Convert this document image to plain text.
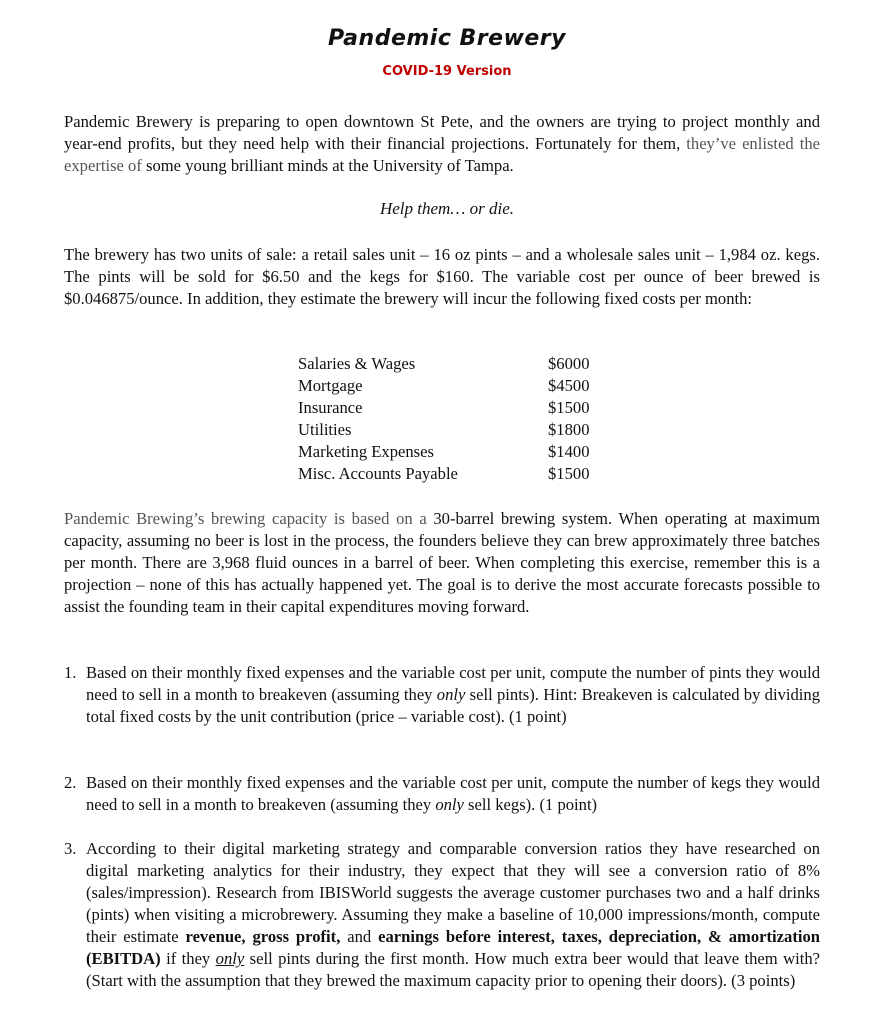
Pandemic Brewery
COVID-19 Version

Pandemic Brewery is preparing to open downtown St Pete, and the owners are trying to project monthly and year-end profits, but they need help with their financial projections. Fortunately for them, they’ve enlisted the expertise of some young brilliant minds at the University of Tampa.

Help them… or die.

The brewery has two units of sale: a retail sales unit – 16 oz pints – and a wholesale sales unit – 1,984 oz. kegs. The pints will be sold for $6.50 and the kegs for $160. The variable cost per ounce of beer brewed is $0.046875/ounce. In addition, they estimate the brewery will incur the following fixed costs per month:

Salaries & Wages	$6000
Mortgage	$4500
Insurance	$1500
Utilities	$1800
Marketing Expenses	$1400
Misc. Accounts Payable	$1500

Pandemic Brewing’s brewing capacity is based on a 30-barrel brewing system. When operating at maximum capacity, assuming no beer is lost in the process, the founders believe they can brew approximately three batches per month. There are 3,968 fluid ounces in a barrel of beer. When completing this exercise, remember this is a projection – none of this has actually happened yet. The goal is to derive the most accurate forecasts possible to assist the founding team in their capital expenditures moving forward.

1. Based on their monthly fixed expenses and the variable cost per unit, compute the number of pints they would need to sell in a month to breakeven (assuming they only sell pints). Hint: Breakeven is calculated by dividing total fixed costs by the unit contribution (price – variable cost). (1 point)
2. Based on their monthly fixed expenses and the variable cost per unit, compute the number of kegs they would need to sell in a month to breakeven (assuming they only sell kegs). (1 point)
3. According to their digital marketing strategy and comparable conversion ratios they have researched on digital marketing analytics for their industry, they expect that they will see a conversion ratio of 8% (sales/impression). Research from IBISWorld suggests the average customer purchases two and a half drinks (pints) when visiting a microbrewery. Assuming they make a baseline of 10,000 impressions/month, compute their estimate revenue, gross profit, and earnings before interest, taxes, depreciation, & amortization (EBITDA) if they only sell pints during the first month. How much extra beer would that leave them with? (Start with the assumption that they brewed the maximum capacity prior to opening their doors). (3 points)
